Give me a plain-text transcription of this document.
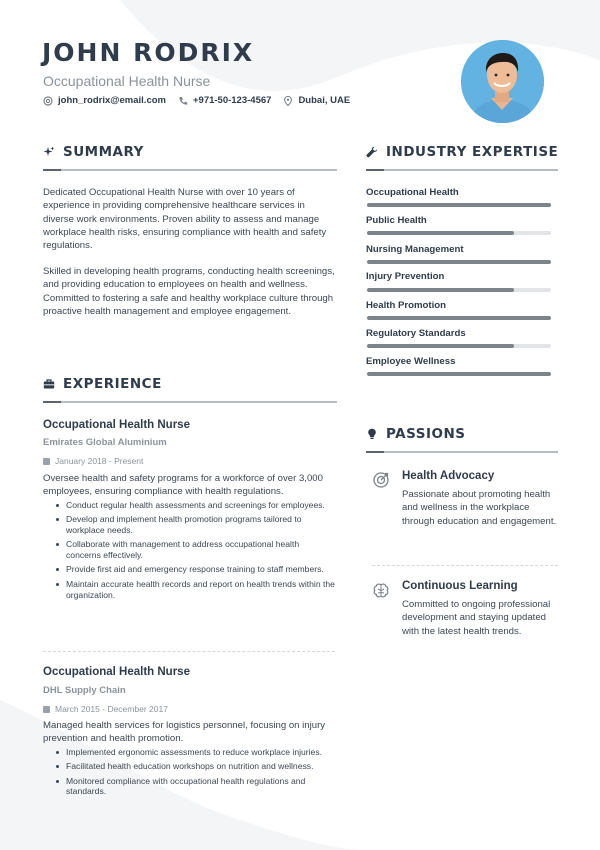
JOHN RODRIX
Occupational Health Nurse
john_rodrix@email.com	+971-50-123-4567	Dubai, UAE
SUMMARY

Dedicated Occupational Health Nurse with over 10 years of experience in providing comprehensive healthcare services in diverse work environments. Proven ability to assess and manage workplace health risks, ensuring compliance with health and safety regulations.

Skilled in developing health programs, conducting health screenings, and providing education to employees on health and wellness. Committed to fostering a safe and healthy workplace culture through proactive health management and employee engagement.

INDUSTRY EXPERTISE
Occupational Health
Public Health
Nursing Management
Injury Prevention
Health Promotion
Regulatory Standards
Employee Wellness
EXPERIENCE
Occupational Health Nurse
Emirates Global Aluminium
January 2018 - Present

Oversee health and safety programs for a workforce of over 3,000 employees, ensuring compliance with health regulations.

Conduct regular health assessments and screenings for employees.
Develop and implement health promotion programs tailored to workplace needs.
Collaborate with management to address occupational health concerns effectively.
Provide first aid and emergency response training to staff members.
Maintain accurate health records and report on health trends within the organization.
Occupational Health Nurse
DHL Supply Chain
March 2015 - December 2017

Managed health services for logistics personnel, focusing on injury prevention and health promotion.

Implemented ergonomic assessments to reduce workplace injuries.
Facilitated health education workshops on nutrition and wellness.
Monitored compliance with occupational health regulations and standards.
PASSIONS
Health Advocacy

Passionate about promoting health and wellness in the workplace through education and engagement.

Continuous Learning

Committed to ongoing professional development and staying updated with the latest health trends.
